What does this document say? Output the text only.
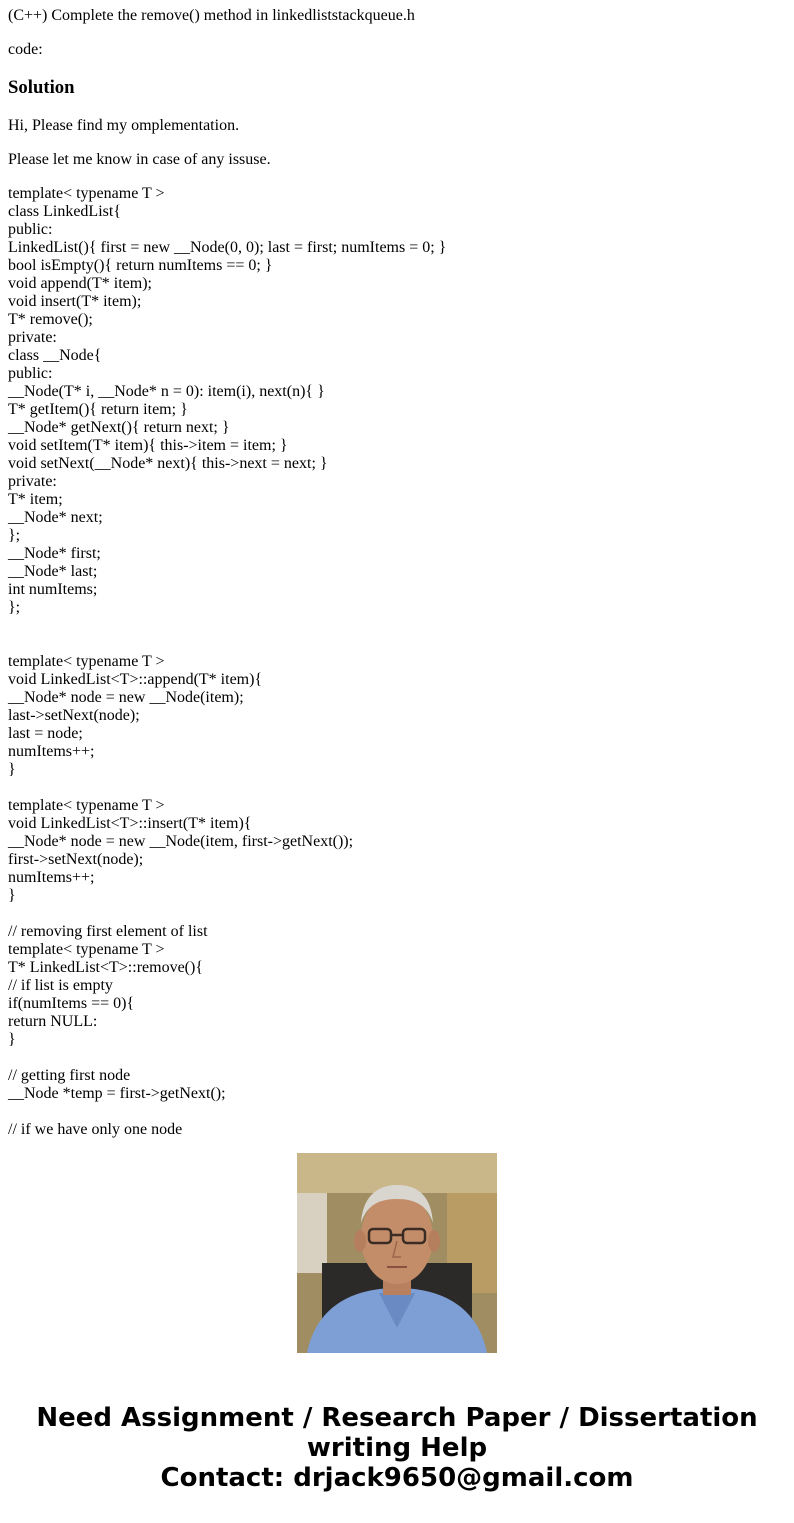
(C++) Complete the remove() method in linkedliststackqueue.h

code:

Solution

Hi, Please find my omplementation.

Please let me know in case of any issuse.

template< typename T >
class LinkedList{
public:
LinkedList(){ first = new __Node(0, 0); last = first; numItems = 0; }
bool isEmpty(){ return numItems == 0; }
void append(T* item);
void insert(T* item);
T* remove();
private:
class __Node{
public:
__Node(T* i, __Node* n = 0): item(i), next(n){ }
T* getItem(){ return item; }
__Node* getNext(){ return next; }
void setItem(T* item){ this->item = item; }
void setNext(__Node* next){ this->next = next; }
private:
T* item;
__Node* next;
};
__Node* first;
__Node* last;
int numItems;
};
template< typename T >
void LinkedList<T>::append(T* item){
__Node* node = new __Node(item);
last->setNext(node);
last = node;
numItems++;
}
template< typename T >
void LinkedList<T>::insert(T* item){
__Node* node = new __Node(item, first->getNext());
first->setNext(node);
numItems++;
}
// removing first element of list
template< typename T >
T* LinkedList<T>::remove(){
// if list is empty
if(numItems == 0){
return NULL:
}
// getting first node
__Node *temp = first->getNext();
// if we have only one node
Need Assignment / Research Paper / Dissertation
writing Help
Contact: drjack9650@gmail.com
